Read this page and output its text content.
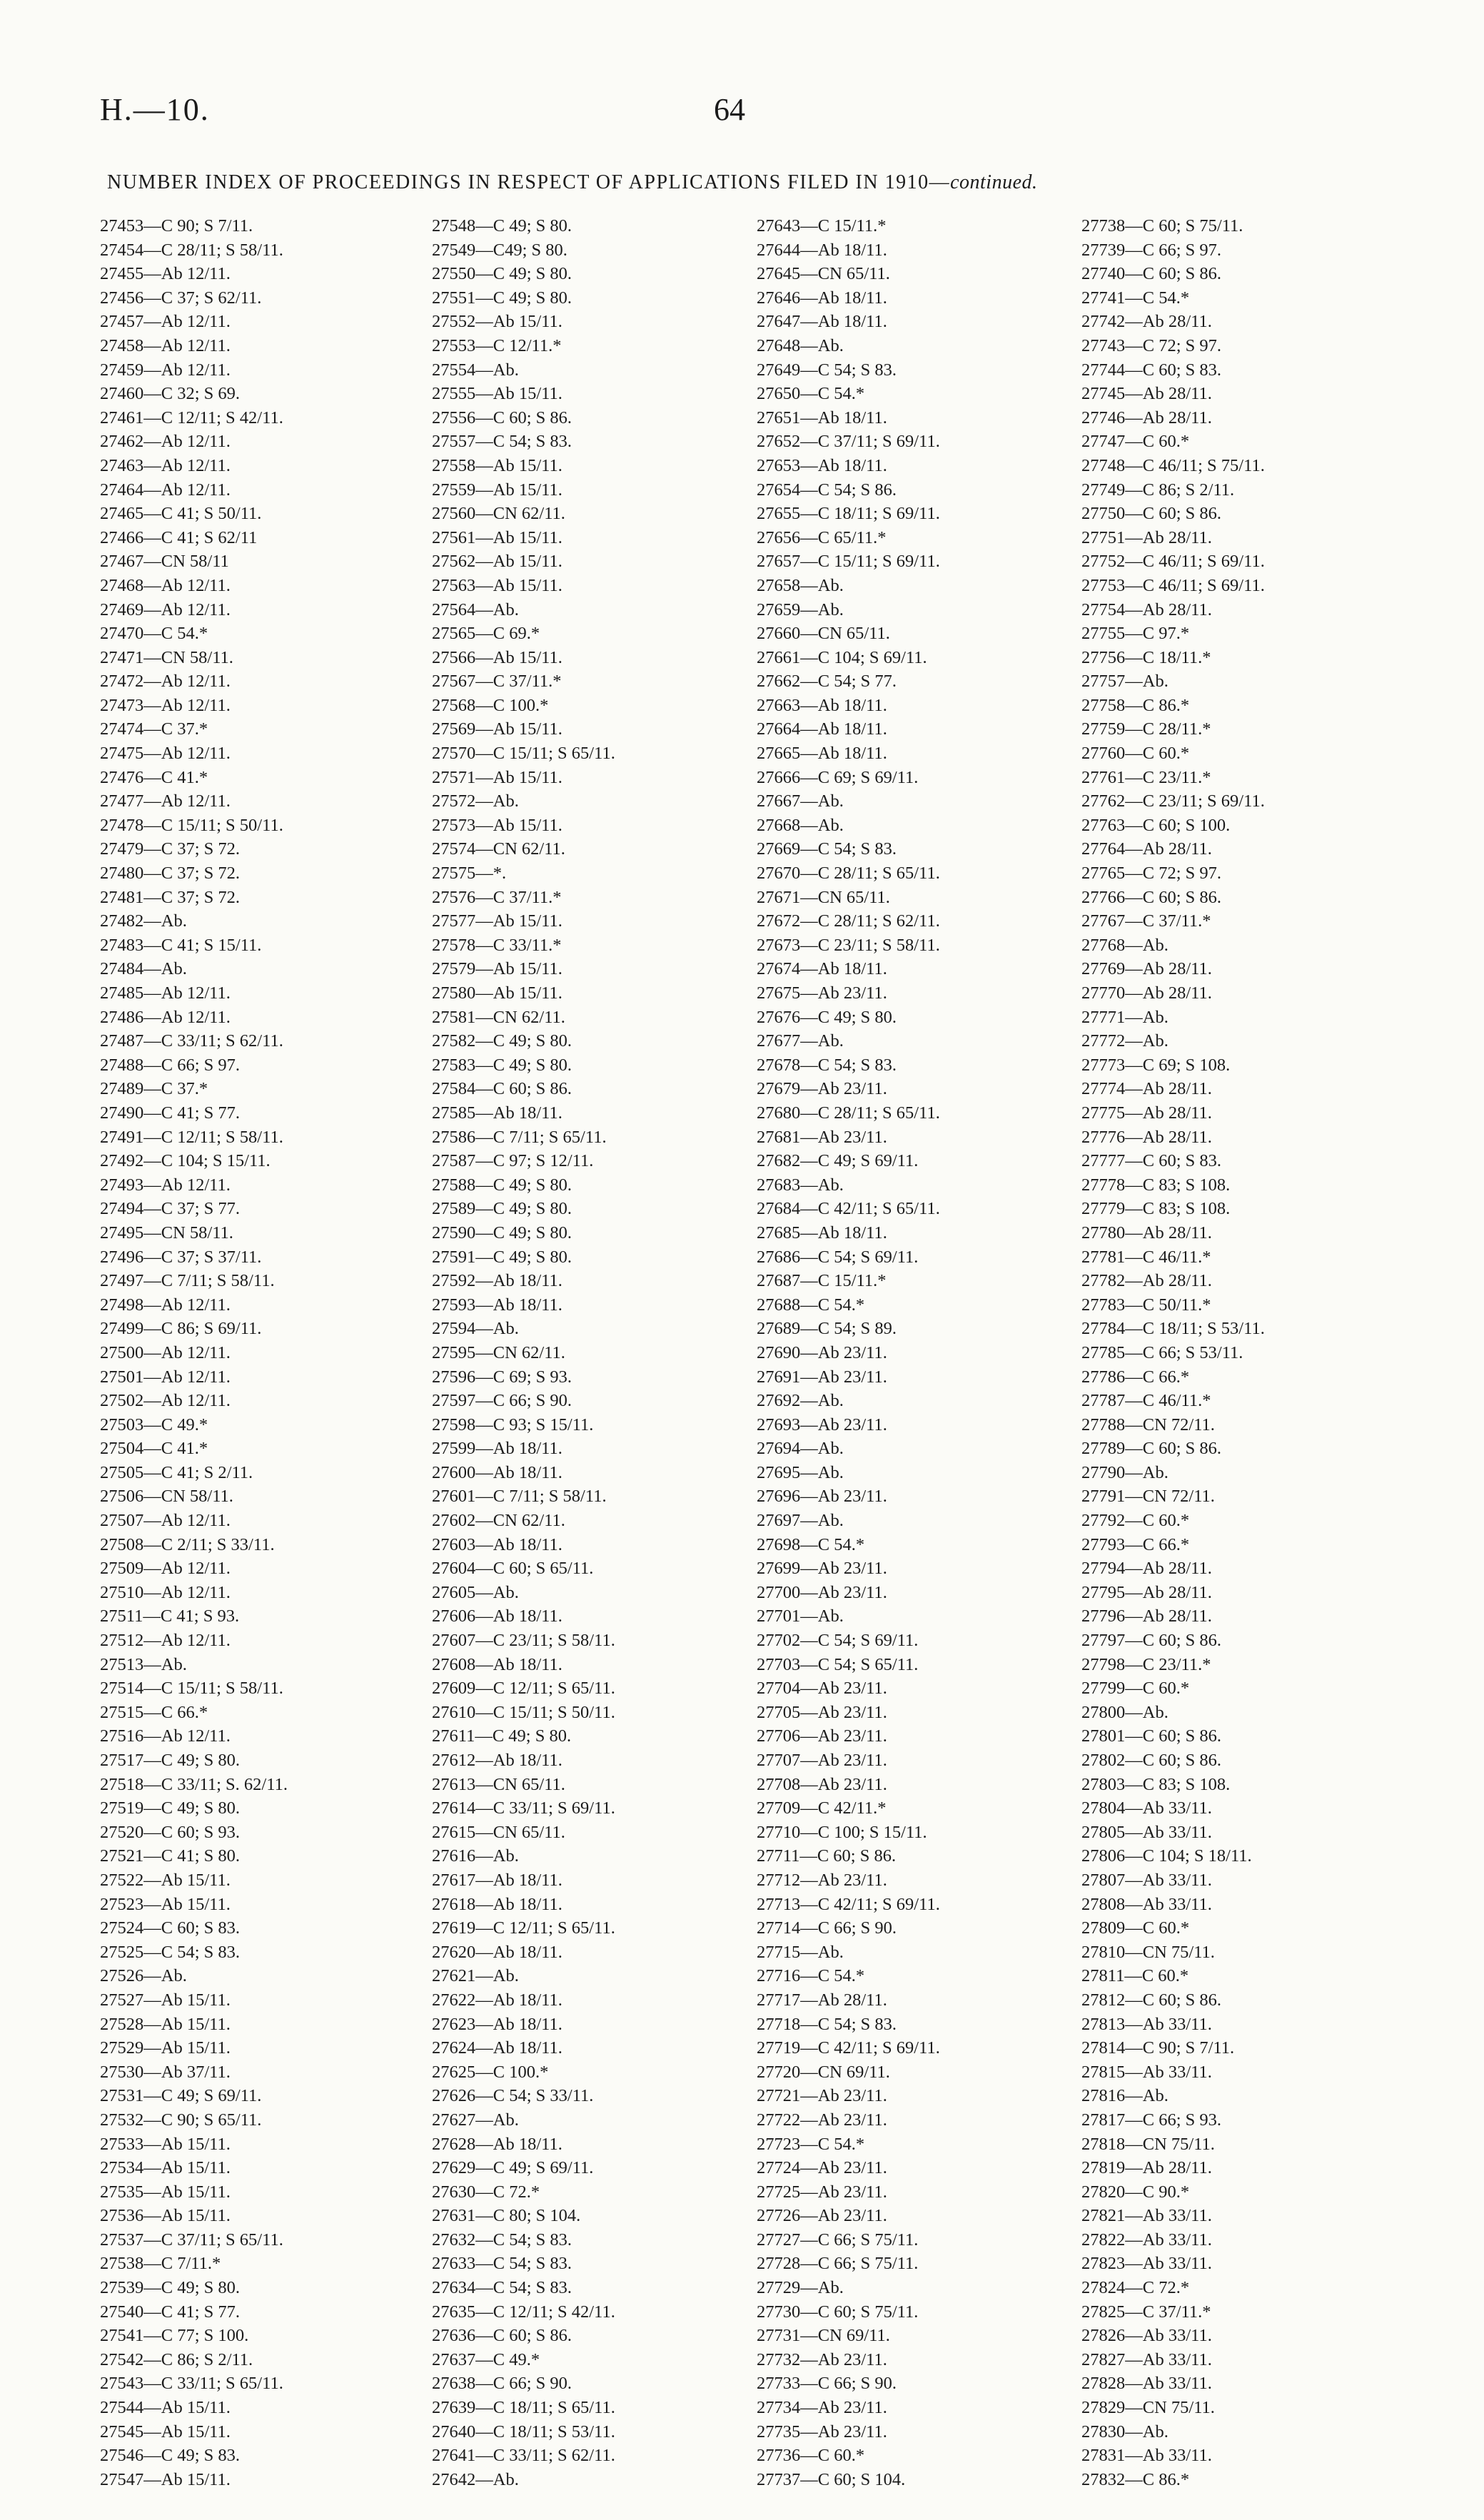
H.—10.	64
NUMBER INDEX OF PROCEEDINGS IN RESPECT OF APPLICATIONS FILED IN 1910—continued.
27453—C 90; S 7/11.
27454—C 28/11; S 58/11.
27455—Ab 12/11.
27456—C 37; S 62/11.
27457—Ab 12/11.
27458—Ab 12/11.
27459—Ab 12/11.
27460—C 32; S 69.
27461—C 12/11; S 42/11.
27462—Ab 12/11.
27463—Ab 12/11.
27464—Ab 12/11.
27465—C 41; S 50/11.
27466—C 41; S 62/11
27467—CN 58/11
27468—Ab 12/11.
27469—Ab 12/11.
27470—C 54.*
27471—CN 58/11.
27472—Ab 12/11.
27473—Ab 12/11.
27474—C 37.*
27475—Ab 12/11.
27476—C 41.*
27477—Ab 12/11.
27478—C 15/11; S 50/11.
27479—C 37; S 72.
27480—C 37; S 72.
27481—C 37; S 72.
27482—Ab.
27483—C 41; S 15/11.
27484—Ab.
27485—Ab 12/11.
27486—Ab 12/11.
27487—C 33/11; S 62/11.
27488—C 66; S 97.
27489—C 37.*
27490—C 41; S 77.
27491—C 12/11; S 58/11.
27492—C 104; S 15/11.
27493—Ab 12/11.
27494—C 37; S 77.
27495—CN 58/11.
27496—C 37; S 37/11.
27497—C 7/11; S 58/11.
27498—Ab 12/11.
27499—C 86; S 69/11.
27500—Ab 12/11.
27501—Ab 12/11.
27502—Ab 12/11.
27503—C 49.*
27504—C 41.*
27505—C 41; S 2/11.
27506—CN 58/11.
27507—Ab 12/11.
27508—C 2/11; S 33/11.
27509—Ab 12/11.
27510—Ab 12/11.
27511—C 41; S 93.
27512—Ab 12/11.
27513—Ab.
27514—C 15/11; S 58/11.
27515—C 66.*
27516—Ab 12/11.
27517—C 49; S 80.
27518—C 33/11; S. 62/11.
27519—C 49; S 80.
27520—C 60; S 93.
27521—C 41; S 80.
27522—Ab 15/11.
27523—Ab 15/11.
27524—C 60; S 83.
27525—C 54; S 83.
27526—Ab.
27527—Ab 15/11.
27528—Ab 15/11.
27529—Ab 15/11.
27530—Ab 37/11.
27531—C 49; S 69/11.
27532—C 90; S 65/11.
27533—Ab 15/11.
27534—Ab 15/11.
27535—Ab 15/11.
27536—Ab 15/11.
27537—C 37/11; S 65/11.
27538—C 7/11.*
27539—C 49; S 80.
27540—C 41; S 77.
27541—C 77; S 100.
27542—C 86; S 2/11.
27543—C 33/11; S 65/11.
27544—Ab 15/11.
27545—Ab 15/11.
27546—C 49; S 83.
27547—Ab 15/11.
27548—C 49; S 80.
27549—C49; S 80.
27550—C 49; S 80.
27551—C 49; S 80.
27552—Ab 15/11.
27553—C 12/11.*
27554—Ab.
27555—Ab 15/11.
27556—C 60; S 86.
27557—C 54; S 83.
27558—Ab 15/11.
27559—Ab 15/11.
27560—CN 62/11.
27561—Ab 15/11.
27562—Ab 15/11.
27563—Ab 15/11.
27564—Ab.
27565—C 69.*
27566—Ab 15/11.
27567—C 37/11.*
27568—C 100.*
27569—Ab 15/11.
27570—C 15/11; S 65/11.
27571—Ab 15/11.
27572—Ab.
27573—Ab 15/11.
27574—CN 62/11.
27575—*.
27576—C 37/11.*
27577—Ab 15/11.
27578—C 33/11.*
27579—Ab 15/11.
27580—Ab 15/11.
27581—CN 62/11.
27582—C 49; S 80.
27583—C 49; S 80.
27584—C 60; S 86.
27585—Ab 18/11.
27586—C 7/11; S 65/11.
27587—C 97; S 12/11.
27588—C 49; S 80.
27589—C 49; S 80.
27590—C 49; S 80.
27591—C 49; S 80.
27592—Ab 18/11.
27593—Ab 18/11.
27594—Ab.
27595—CN 62/11.
27596—C 69; S 93.
27597—C 66; S 90.
27598—C 93; S 15/11.
27599—Ab 18/11.
27600—Ab 18/11.
27601—C 7/11; S 58/11.
27602—CN 62/11.
27603—Ab 18/11.
27604—C 60; S 65/11.
27605—Ab.
27606—Ab 18/11.
27607—C 23/11; S 58/11.
27608—Ab 18/11.
27609—C 12/11; S 65/11.
27610—C 15/11; S 50/11.
27611—C 49; S 80.
27612—Ab 18/11.
27613—CN 65/11.
27614—C 33/11; S 69/11.
27615—CN 65/11.
27616—Ab.
27617—Ab 18/11.
27618—Ab 18/11.
27619—C 12/11; S 65/11.
27620—Ab 18/11.
27621—Ab.
27622—Ab 18/11.
27623—Ab 18/11.
27624—Ab 18/11.
27625—C 100.*
27626—C 54; S 33/11.
27627—Ab.
27628—Ab 18/11.
27629—C 49; S 69/11.
27630—C 72.*
27631—C 80; S 104.
27632—C 54; S 83.
27633—C 54; S 83.
27634—C 54; S 83.
27635—C 12/11; S 42/11.
27636—C 60; S 86.
27637—C 49.*
27638—C 66; S 90.
27639—C 18/11; S 65/11.
27640—C 18/11; S 53/11.
27641—C 33/11; S 62/11.
27642—Ab.
27643—C 15/11.*
27644—Ab 18/11.
27645—CN 65/11.
27646—Ab 18/11.
27647—Ab 18/11.
27648—Ab.
27649—C 54; S 83.
27650—C 54.*
27651—Ab 18/11.
27652—C 37/11; S 69/11.
27653—Ab 18/11.
27654—C 54; S 86.
27655—C 18/11; S 69/11.
27656—C 65/11.*
27657—C 15/11; S 69/11.
27658—Ab.
27659—Ab.
27660—CN 65/11.
27661—C 104; S 69/11.
27662—C 54; S 77.
27663—Ab 18/11.
27664—Ab 18/11.
27665—Ab 18/11.
27666—C 69; S 69/11.
27667—Ab.
27668—Ab.
27669—C 54; S 83.
27670—C 28/11; S 65/11.
27671—CN 65/11.
27672—C 28/11; S 62/11.
27673—C 23/11; S 58/11.
27674—Ab 18/11.
27675—Ab 23/11.
27676—C 49; S 80.
27677—Ab.
27678—C 54; S 83.
27679—Ab 23/11.
27680—C 28/11; S 65/11.
27681—Ab 23/11.
27682—C 49; S 69/11.
27683—Ab.
27684—C 42/11; S 65/11.
27685—Ab 18/11.
27686—C 54; S 69/11.
27687—C 15/11.*
27688—C 54.*
27689—C 54; S 89.
27690—Ab 23/11.
27691—Ab 23/11.
27692—Ab.
27693—Ab 23/11.
27694—Ab.
27695—Ab.
27696—Ab 23/11.
27697—Ab.
27698—C 54.*
27699—Ab 23/11.
27700—Ab 23/11.
27701—Ab.
27702—C 54; S 69/11.
27703—C 54; S 65/11.
27704—Ab 23/11.
27705—Ab 23/11.
27706—Ab 23/11.
27707—Ab 23/11.
27708—Ab 23/11.
27709—C 42/11.*
27710—C 100; S 15/11.
27711—C 60; S 86.
27712—Ab 23/11.
27713—C 42/11; S 69/11.
27714—C 66; S 90.
27715—Ab.
27716—C 54.*
27717—Ab 28/11.
27718—C 54; S 83.
27719—C 42/11; S 69/11.
27720—CN 69/11.
27721—Ab 23/11.
27722—Ab 23/11.
27723—C 54.*
27724—Ab 23/11.
27725—Ab 23/11.
27726—Ab 23/11.
27727—C 66; S 75/11.
27728—C 66; S 75/11.
27729—Ab.
27730—C 60; S 75/11.
27731—CN 69/11.
27732—Ab 23/11.
27733—C 66; S 90.
27734—Ab 23/11.
27735—Ab 23/11.
27736—C 60.*
27737—C 60; S 104.
27738—C 60; S 75/11.
27739—C 66; S 97.
27740—C 60; S 86.
27741—C 54.*
27742—Ab 28/11.
27743—C 72; S 97.
27744—C 60; S 83.
27745—Ab 28/11.
27746—Ab 28/11.
27747—C 60.*
27748—C 46/11; S 75/11.
27749—C 86; S 2/11.
27750—C 60; S 86.
27751—Ab 28/11.
27752—C 46/11; S 69/11.
27753—C 46/11; S 69/11.
27754—Ab 28/11.
27755—C 97.*
27756—C 18/11.*
27757—Ab.
27758—C 86.*
27759—C 28/11.*
27760—C 60.*
27761—C 23/11.*
27762—C 23/11; S 69/11.
27763—C 60; S 100.
27764—Ab 28/11.
27765—C 72; S 97.
27766—C 60; S 86.
27767—C 37/11.*
27768—Ab.
27769—Ab 28/11.
27770—Ab 28/11.
27771—Ab.
27772—Ab.
27773—C 69; S 108.
27774—Ab 28/11.
27775—Ab 28/11.
27776—Ab 28/11.
27777—C 60; S 83.
27778—C 83; S 108.
27779—C 83; S 108.
27780—Ab 28/11.
27781—C 46/11.*
27782—Ab 28/11.
27783—C 50/11.*
27784—C 18/11; S 53/11.
27785—C 66; S 53/11.
27786—C 66.*
27787—C 46/11.*
27788—CN 72/11.
27789—C 60; S 86.
27790—Ab.
27791—CN 72/11.
27792—C 60.*
27793—C 66.*
27794—Ab 28/11.
27795—Ab 28/11.
27796—Ab 28/11.
27797—C 60; S 86.
27798—C 23/11.*
27799—C 60.*
27800—Ab.
27801—C 60; S 86.
27802—C 60; S 86.
27803—C 83; S 108.
27804—Ab 33/11.
27805—Ab 33/11.
27806—C 104; S 18/11.
27807—Ab 33/11.
27808—Ab 33/11.
27809—C 60.*
27810—CN 75/11.
27811—C 60.*
27812—C 60; S 86.
27813—Ab 33/11.
27814—C 90; S 7/11.
27815—Ab 33/11.
27816—Ab.
27817—C 66; S 93.
27818—CN 75/11.
27819—Ab 28/11.
27820—C 90.*
27821—Ab 33/11.
27822—Ab 33/11.
27823—Ab 33/11.
27824—C 72.*
27825—C 37/11.*
27826—Ab 33/11.
27827—Ab 33/11.
27828—Ab 33/11.
27829—CN 75/11.
27830—Ab.
27831—Ab 33/11.
27832—C 86.*
